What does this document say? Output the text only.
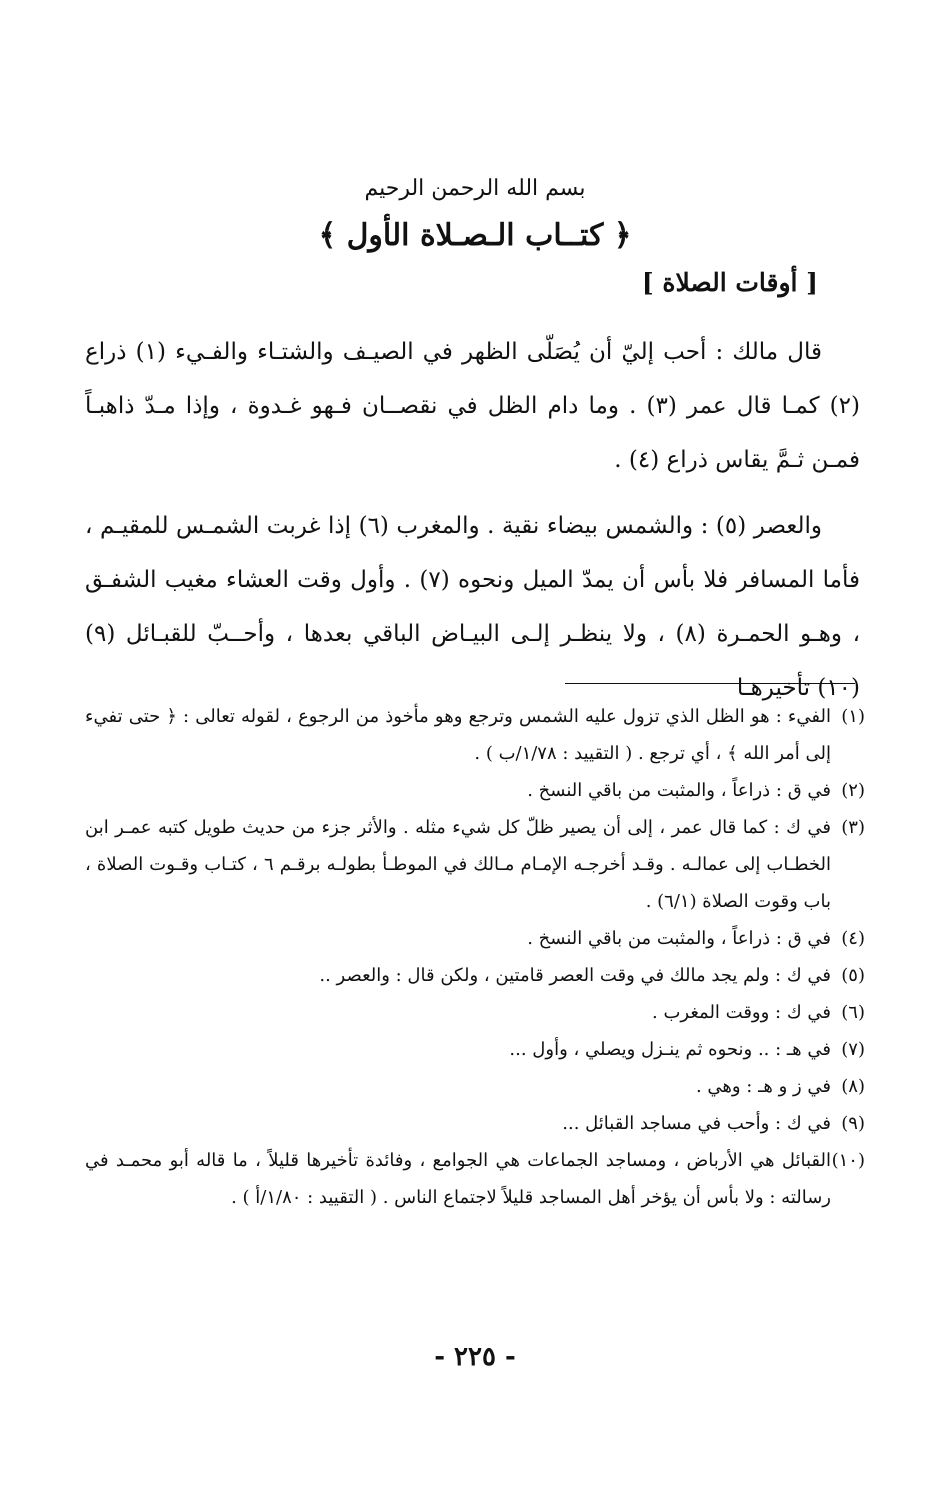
بسم الله الرحمن الرحيم
﴿ كتــاب الـصـلاة الأول ﴾
[ أوقات الصلاة ]

قال مالك : أحب إليّ أن يُصَلّى الظهر في الصيـف والشتـاء والفـيء (١) ذراع (٢) كمـا قال عمر (٣) . وما دام الظل في نقصــان فـهو غـدوة ، وإذا مـدّ ذاهبـاً فمـن ثـمَّ يقاس ذراع (٤) .

والعصر (٥) : والشمس بيضاء نقية . والمغرب (٦) إذا غربت الشمـس للمقيـم ، فأما المسافر فلا بأس أن يمدّ الميل ونحوه (٧) . وأول وقت العشاء مغيب الشفـق ، وهـو الحمـرة (٨) ، ولا ينظـر إلـى البيـاض الباقي بعدها ، وأحــبّ للقبـائل (٩) (١٠) تأخيرهـا

(١)الفيء : هو الظل الذي تزول عليه الشمس وترجع وهو مأخوذ من الرجوع ، لقوله تعالى : ﴿ حتى تفيء إلى أمر الله ﴾ ، أي ترجع . ( التقييد : ١/٧٨/ب ) .
(٢)في ق : ذراعاً ، والمثبت من باقي النسخ .
(٣)في ك : كما قال عمر ، إلى أن يصير ظلّ كل شيء مثله . والأثر جزء من حديث طويل كتبه عمـر ابن الخطـاب إلى عمالـه . وقـد أخرجـه الإمـام مـالك في الموطـأ بطولـه برقـم ٦ ، كتـاب وقـوت الصلاة ، باب وقوت الصلاة (٦/١) .
(٤)في ق : ذراعاً ، والمثبت من باقي النسخ .
(٥)في ك : ولم يجد مالك في وقت العصر قامتين ، ولكن قال : والعصر ..
(٦)في ك : ووقت المغرب .
(٧)في هـ : .. ونحوه ثم ينـزل ويصلي ، وأول ...
(٨)في ز و هـ : وهي .
(٩)في ك : وأحب في مساجد القبائل ...
(١٠)القبائل هي الأرباض ، ومساجد الجماعات هي الجوامع ، وفائدة تأخيرها قليلاً ، ما قاله أبو محمـد في رسالته : ولا بأس أن يؤخر أهل المساجد قليلاً لاجتماع الناس . ( التقييد : ١/٨٠/أ ) .
- ٢٢٥ -
